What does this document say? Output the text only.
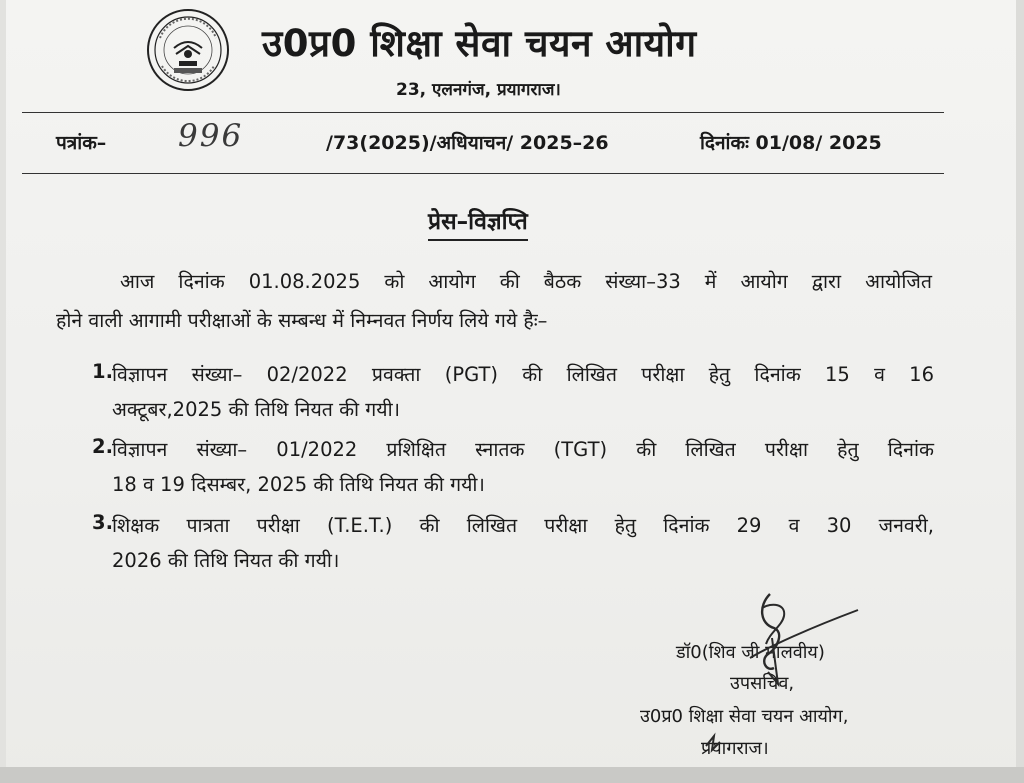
उ0प्र0 शिक्षा सेवा चयन आयोग
23, एलनगंज, प्रयागराज।
पत्रांक– 996	/73(2025)/अधियाचन/ 2025–26	दिनांकः 01/08/ 2025
प्रेस–विज्ञप्ति
आज दिनांक 01.08.2025 को आयोग की बैठक संख्या–33 में आयोग द्वारा आयोजित
होने वाली आगामी परीक्षाओं के सम्बन्ध में निम्नवत निर्णय लिये गये हैः–
1. विज्ञापन संख्या– 02/2022 प्रवक्ता (PGT) की लिखित परीक्षा हेतु दिनांक 15 व 16
अक्टूबर,2025 की तिथि नियत की गयी।
2. विज्ञापन संख्या– 01/2022 प्रशिक्षित स्नातक (TGT) की लिखित परीक्षा हेतु दिनांक
18 व 19 दिसम्बर, 2025 की तिथि नियत की गयी।
3. शिक्षक पात्रता परीक्षा (T.E.T.) की लिखित परीक्षा हेतु दिनांक 29 व 30 जनवरी,
2026 की तिथि नियत की गयी।
डॉ0(शिव जी मालवीय)
उपसचिव,
उ0प्र0 शिक्षा सेवा चयन आयोग,
प्रयागराज।
